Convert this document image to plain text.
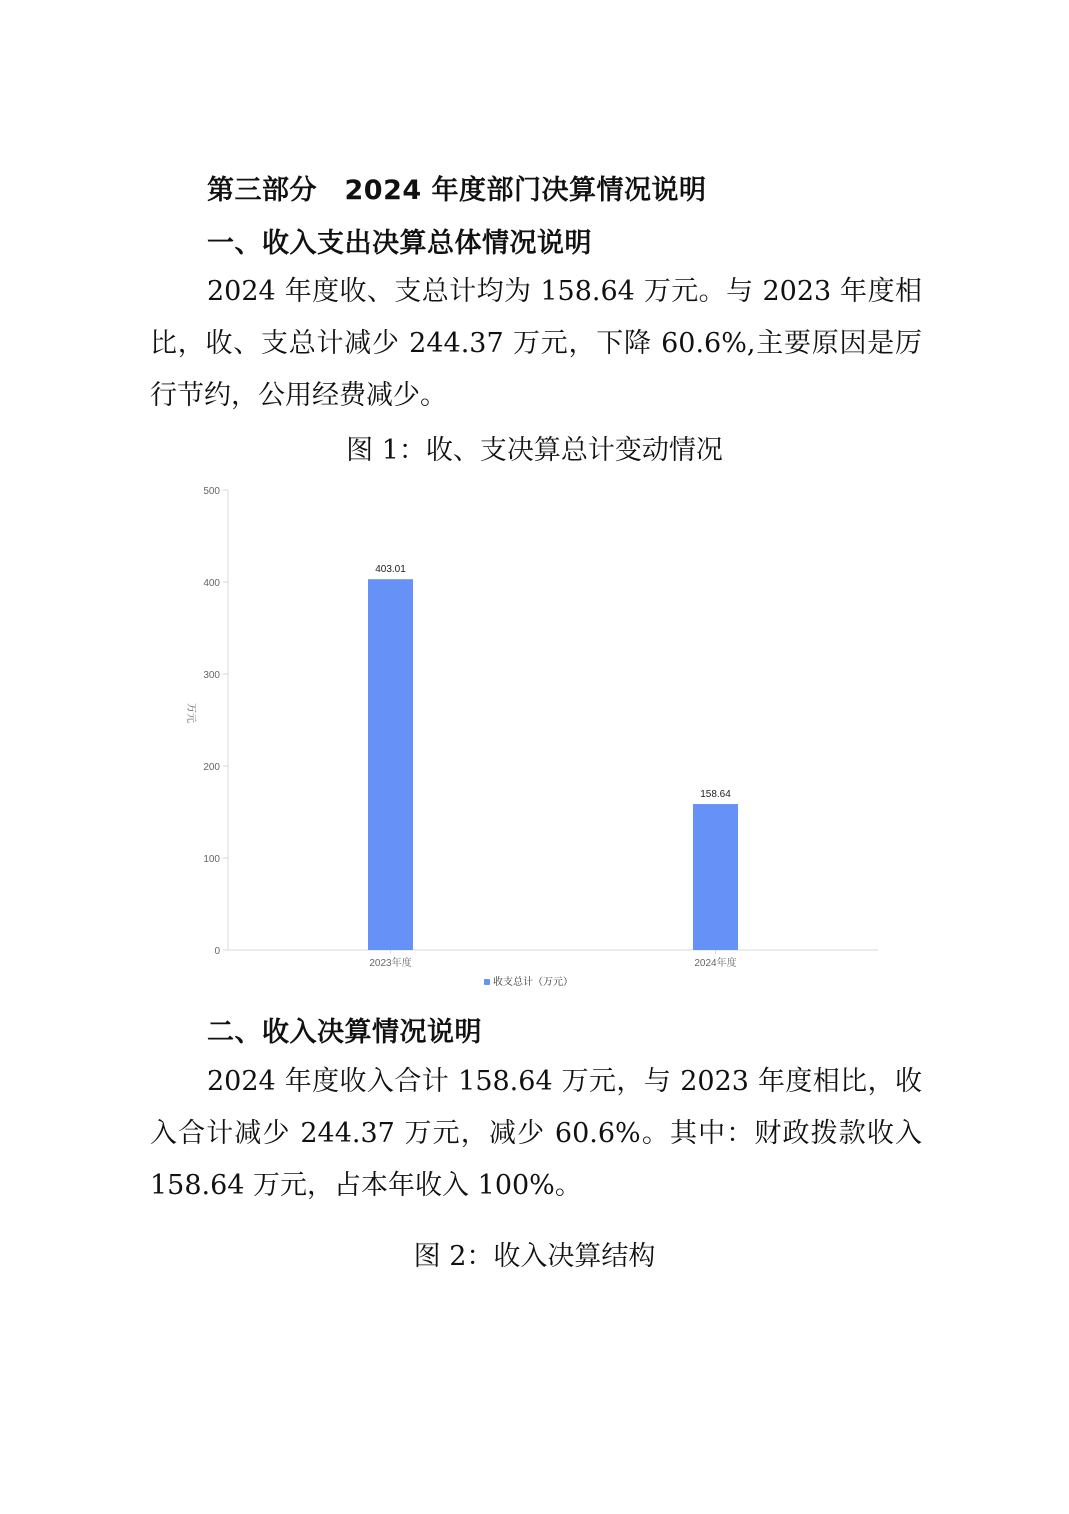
第三部分　2024 年度部门决算情况说明
一、收入支出决算总体情况说明

2024 年度收、支总计均为 158.64 万元。与 2023 年度相比，收、支总计减少 244.37 万元，下降 60.6%,主要原因是厉行节约，公用经费减少。

图 1：收、支决算总计变动情况
0
100
200
300
400
500
403.01
2023年度
158.64
2024年度
万元
收支总计（万元）
二、收入决算情况说明

2024 年度收入合计 158.64 万元，与 2023 年度相比，收入合计减少 244.37 万元，减少 60.6%。其中：财政拨款收入 158.64 万元，占本年收入 100%。

图 2：收入决算结构
